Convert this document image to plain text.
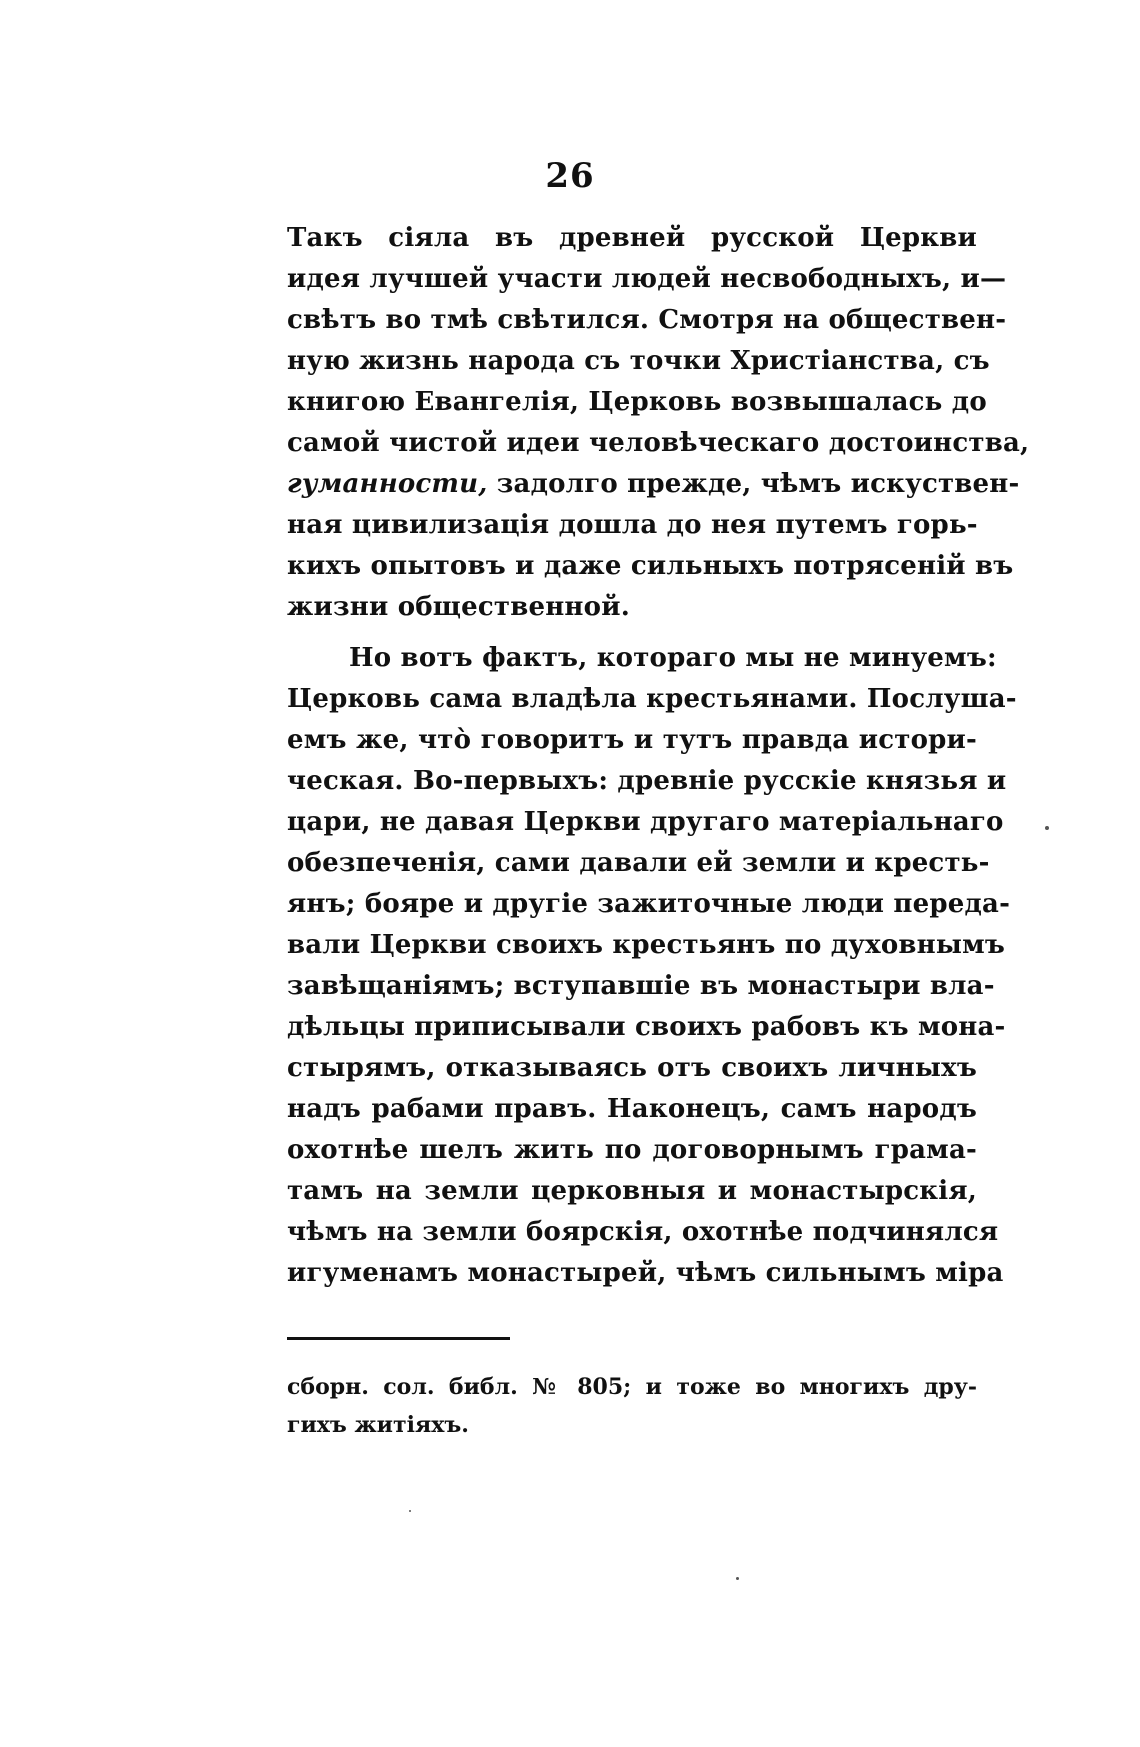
26
Такъ сіяла въ древней русской Церкви
идея лучшей участи людей несвободныхъ, и—
свѣтъ во тмѣ свѣтился. Смотря на обществен-
ную жизнь народа съ точки Христіанства, съ
книгою Евангелія, Церковь возвышалась до
самой чистой идеи человѣческаго достоинства,
гуманности, задолго прежде, чѣмъ искуствен-
ная цивилизація дошла до нея путемъ горь-
кихъ опытовъ и даже сильныхъ потрясеній въ
жизни общественной.
Но вотъ фактъ, котораго мы не минуемъ:
Церковь сама владѣла крестьянами. Послуша-
емъ же, что̀ говоритъ и тутъ правда истори-
ческая. Во-первыхъ: древніе русскіе князья и
цари, не давая Церкви другаго матеріальнаго
обезпеченія, сами давали ей земли и кресть-
янъ; бояре и другіе зажиточные люди переда-
вали Церкви своихъ крестьянъ по духовнымъ
завѣщаніямъ; вступавшіе въ монастыри вла-
дѣльцы приписывали своихъ рабовъ къ мона-
стырямъ, отказываясь отъ своихъ личныхъ
надъ рабами правъ. Наконецъ, самъ народъ
охотнѣе шелъ жить по договорнымъ грама-
тамъ на земли церковныя и монастырскія,
чѣмъ на земли боярскія, охотнѣе подчинялся
игуменамъ монастырей, чѣмъ сильнымъ міра
сборн. сол. библ. № 805; и тоже во многихъ дру-
гихъ житіяхъ.
